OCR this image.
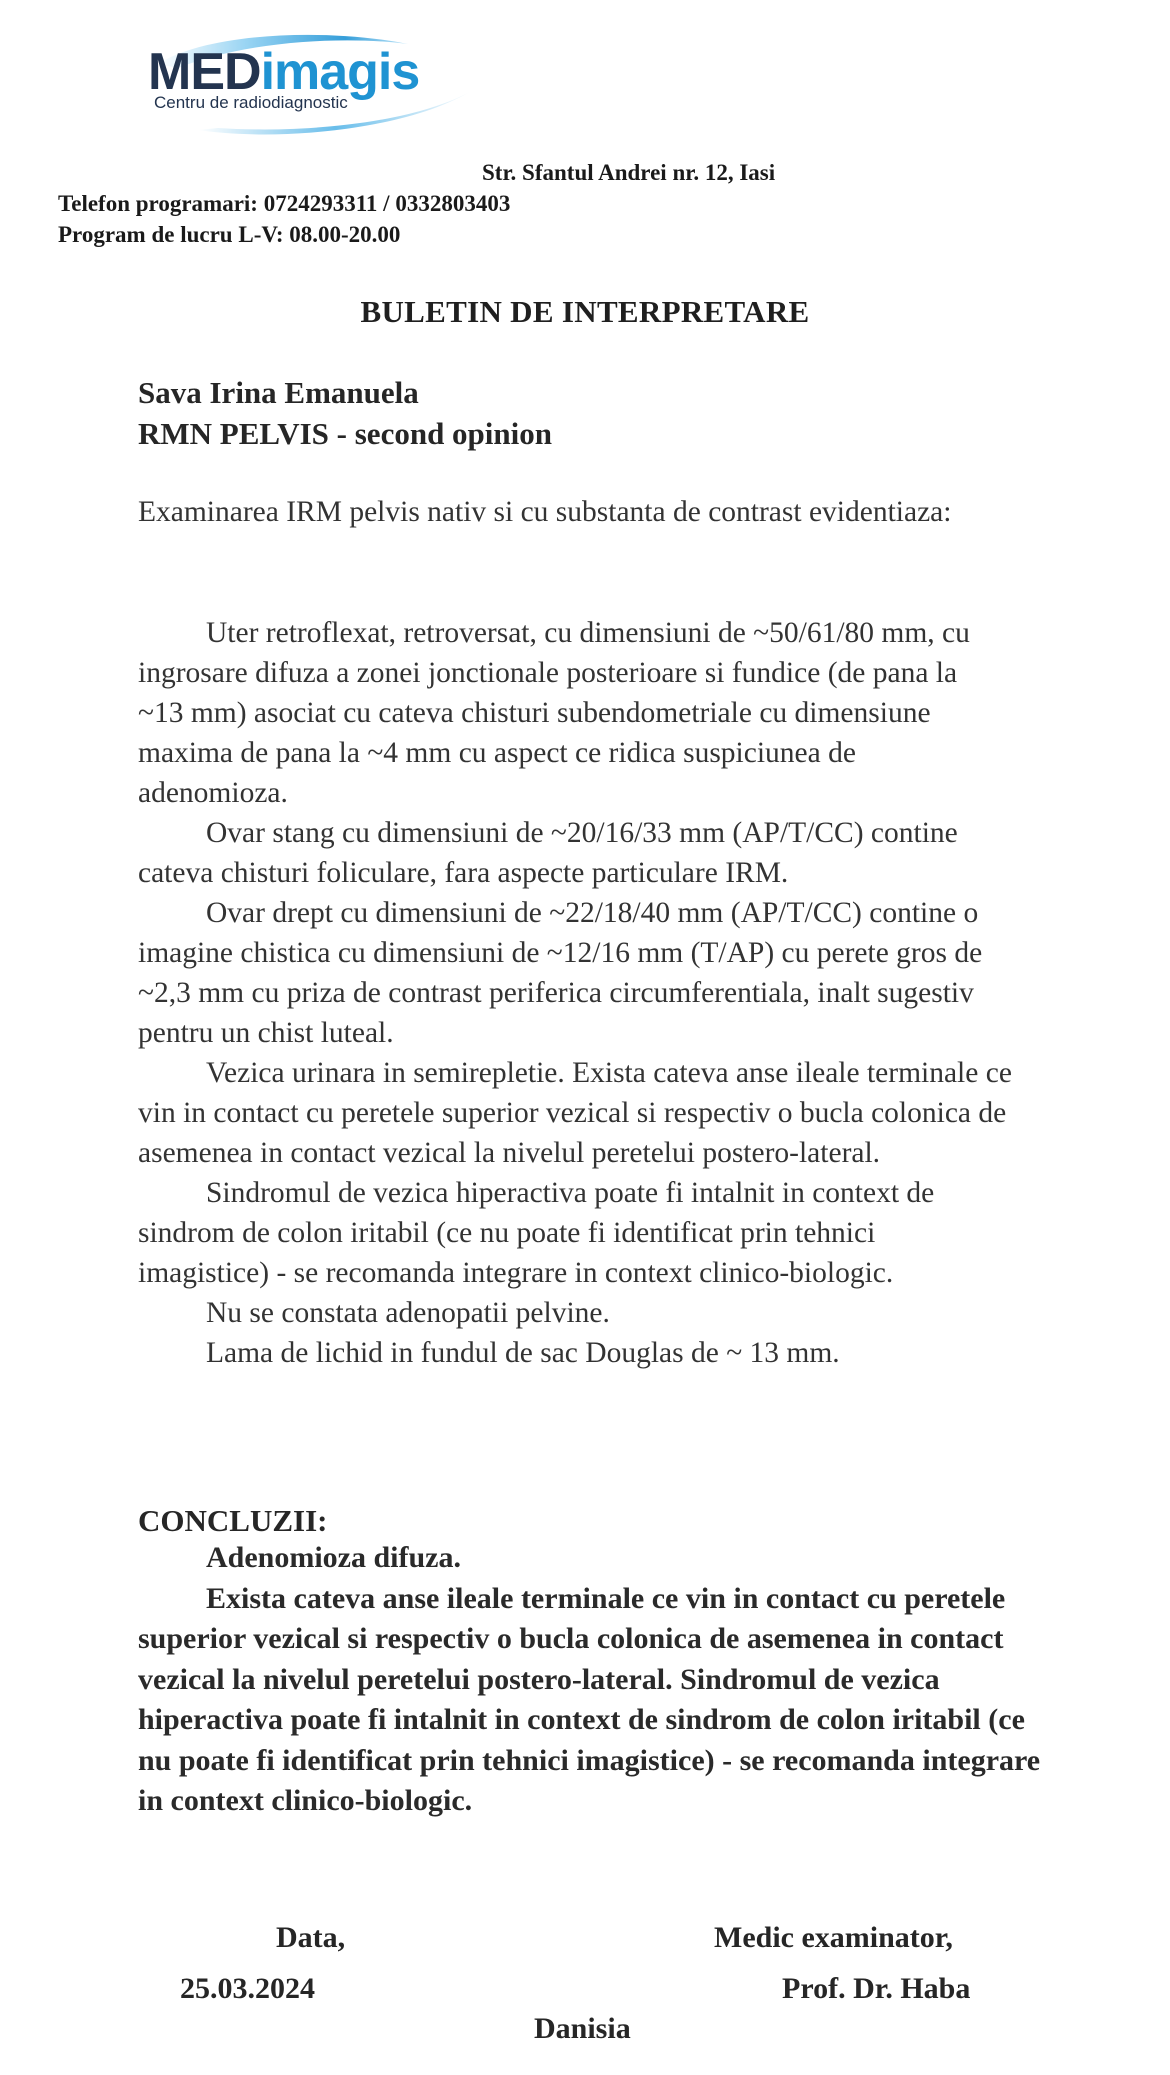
MEDimagis
Centru de radiodiagnostic
Str. Sfantul Andrei nr. 12, Iasi
Telefon programari: 0724293311 / 0332803403
Program de lucru L-V: 08.00-20.00
BULETIN DE INTERPRETARE
Sava Irina Emanuela
RMN PELVIS - second opinion

Examinarea IRM pelvis nativ si cu substanta de contrast evidentiaza:

Uter retroflexat, retroversat, cu dimensiuni de ~50/61/80 mm, cu ingrosare difuza a zonei jonctionale posterioare si fundice (de pana la ~13 mm) asociat cu cateva chisturi subendometriale cu dimensiune maxima de pana la ~4 mm cu aspect ce ridica suspiciunea de adenomioza.

Ovar stang cu dimensiuni de ~20/16/33 mm (AP/T/CC) contine cateva chisturi foliculare, fara aspecte particulare IRM.

Ovar drept cu dimensiuni de ~22/18/40 mm (AP/T/CC) contine o imagine chistica cu dimensiuni de ~12/16 mm (T/AP) cu perete gros de ~2,3 mm cu priza de contrast periferica circumferentiala, inalt sugestiv pentru un chist luteal.

Vezica urinara in semirepletie. Exista cateva anse ileale terminale ce vin in contact cu peretele superior vezical si respectiv o bucla colonica de asemenea in contact vezical la nivelul peretelui postero-lateral.

Sindromul de vezica hiperactiva poate fi intalnit in context de sindrom de colon iritabil (ce nu poate fi identificat prin tehnici imagistice) - se recomanda integrare in context clinico-biologic.

Nu se constata adenopatii pelvine.

Lama de lichid in fundul de sac Douglas de ~ 13 mm.

CONCLUZII:

Adenomioza difuza.

Exista cateva anse ileale terminale ce vin in contact cu peretele superior vezical si respectiv o bucla colonica de asemenea in contact vezical la nivelul peretelui postero-lateral. Sindromul de vezica hiperactiva poate fi intalnit in context de sindrom de colon iritabil (ce nu poate fi identificat prin tehnici imagistice) - se recomanda integrare in context clinico-biologic.

Data,
25.03.2024
Medic examinator,
Prof. Dr. Haba
Danisia
